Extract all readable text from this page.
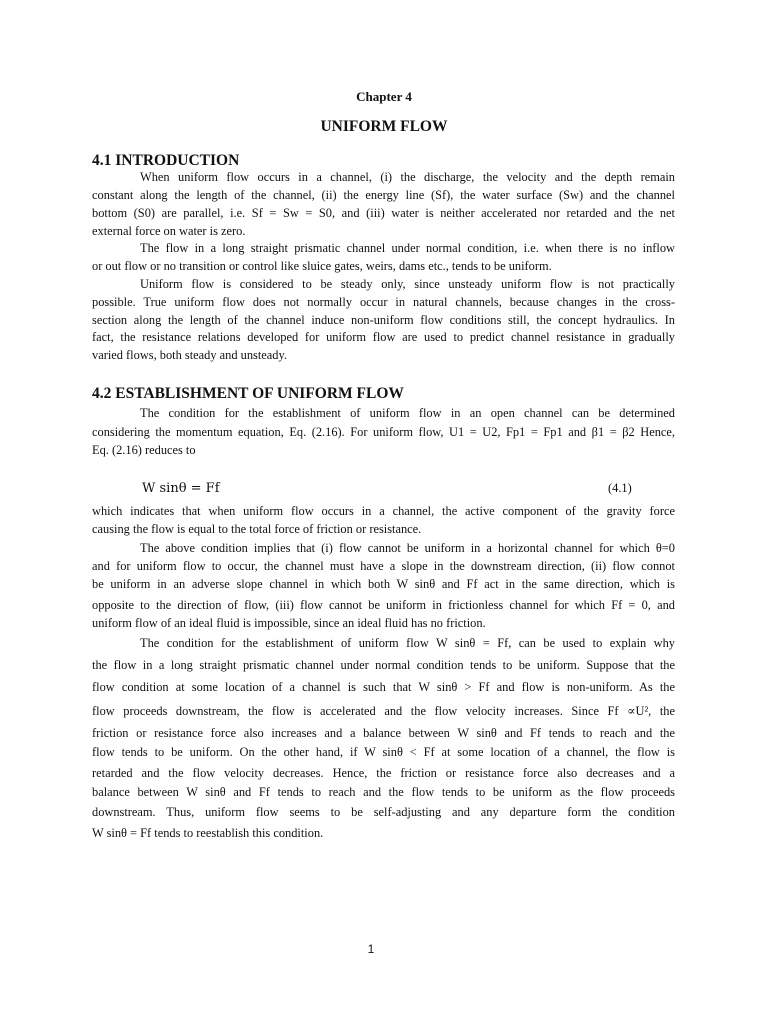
Chapter 4
UNIFORM FLOW
4.1 INTRODUCTION
When uniform flow occurs in a channel, (i) the discharge, the velocity and the depth remain
constant along the length of the channel, (ii) the energy line (Sf), the water surface (Sw) and the channel
bottom (S0) are parallel, i.e. Sf = Sw = S0, and (iii) water is neither accelerated nor retarded and the net
external force on water is zero.
The flow in a long straight prismatic channel under normal condition, i.e. when there is no inflow
or out flow or no transition or control like sluice gates, weirs, dams etc., tends to be uniform.
Uniform flow is considered to be steady only, since unsteady uniform flow is not practically
possible. True uniform flow does not normally occur in natural channels, because changes in the cross-
section along the length of the channel induce non-uniform flow conditions still, the concept hydraulics. In
fact, the resistance relations developed for uniform flow are used to predict channel resistance in gradually
varied flows, both steady and unsteady.
4.2 ESTABLISHMENT OF UNIFORM FLOW
The condition for the establishment of uniform flow in an open channel can be determined
considering the momentum equation, Eq. (2.16). For uniform flow, U1 = U2, Fp1 = Fp1 and β1 = β2 Hence,
Eq. (2.16) reduces to
W sinθ = Ff	(4.1)
which indicates that when uniform flow occurs in a channel, the active component of the gravity force
causing the flow is equal to the total force of friction or resistance.
The above condition implies that (i) flow cannot be uniform in a horizontal channel for which θ=0
and for uniform flow to occur, the channel must have a slope in the downstream direction, (ii) flow connot
be uniform in an adverse slope channel in which both W sinθ and Ff act in the same direction, which is
opposite to the direction of flow, (iii) flow cannot be uniform in frictionless channel for which Ff = 0, and
uniform flow of an ideal fluid is impossible, since an ideal fluid has no friction.
The condition for the establishment of uniform flow W sinθ = Ff, can be used to explain why
the flow in a long straight prismatic channel under normal condition tends to be uniform. Suppose that the
flow condition at some location of a channel is such that W sinθ > Ff and flow is non-uniform. As the
flow proceeds downstream, the flow is accelerated and the flow velocity increases. Since Ff ∝U², the
friction or resistance force also increases and a balance between W sinθ and Ff tends to reach and the
flow tends to be uniform. On the other hand, if W sinθ < Ff at some location of a channel, the flow is
retarded and the flow velocity decreases. Hence, the friction or resistance force also decreases and a
balance between W sinθ and Ff tends to reach and the flow tends to be uniform as the flow proceeds
downstream. Thus, uniform flow seems to be self-adjusting and any departure form the condition
W sinθ = Ff tends to reestablish this condition.
1
